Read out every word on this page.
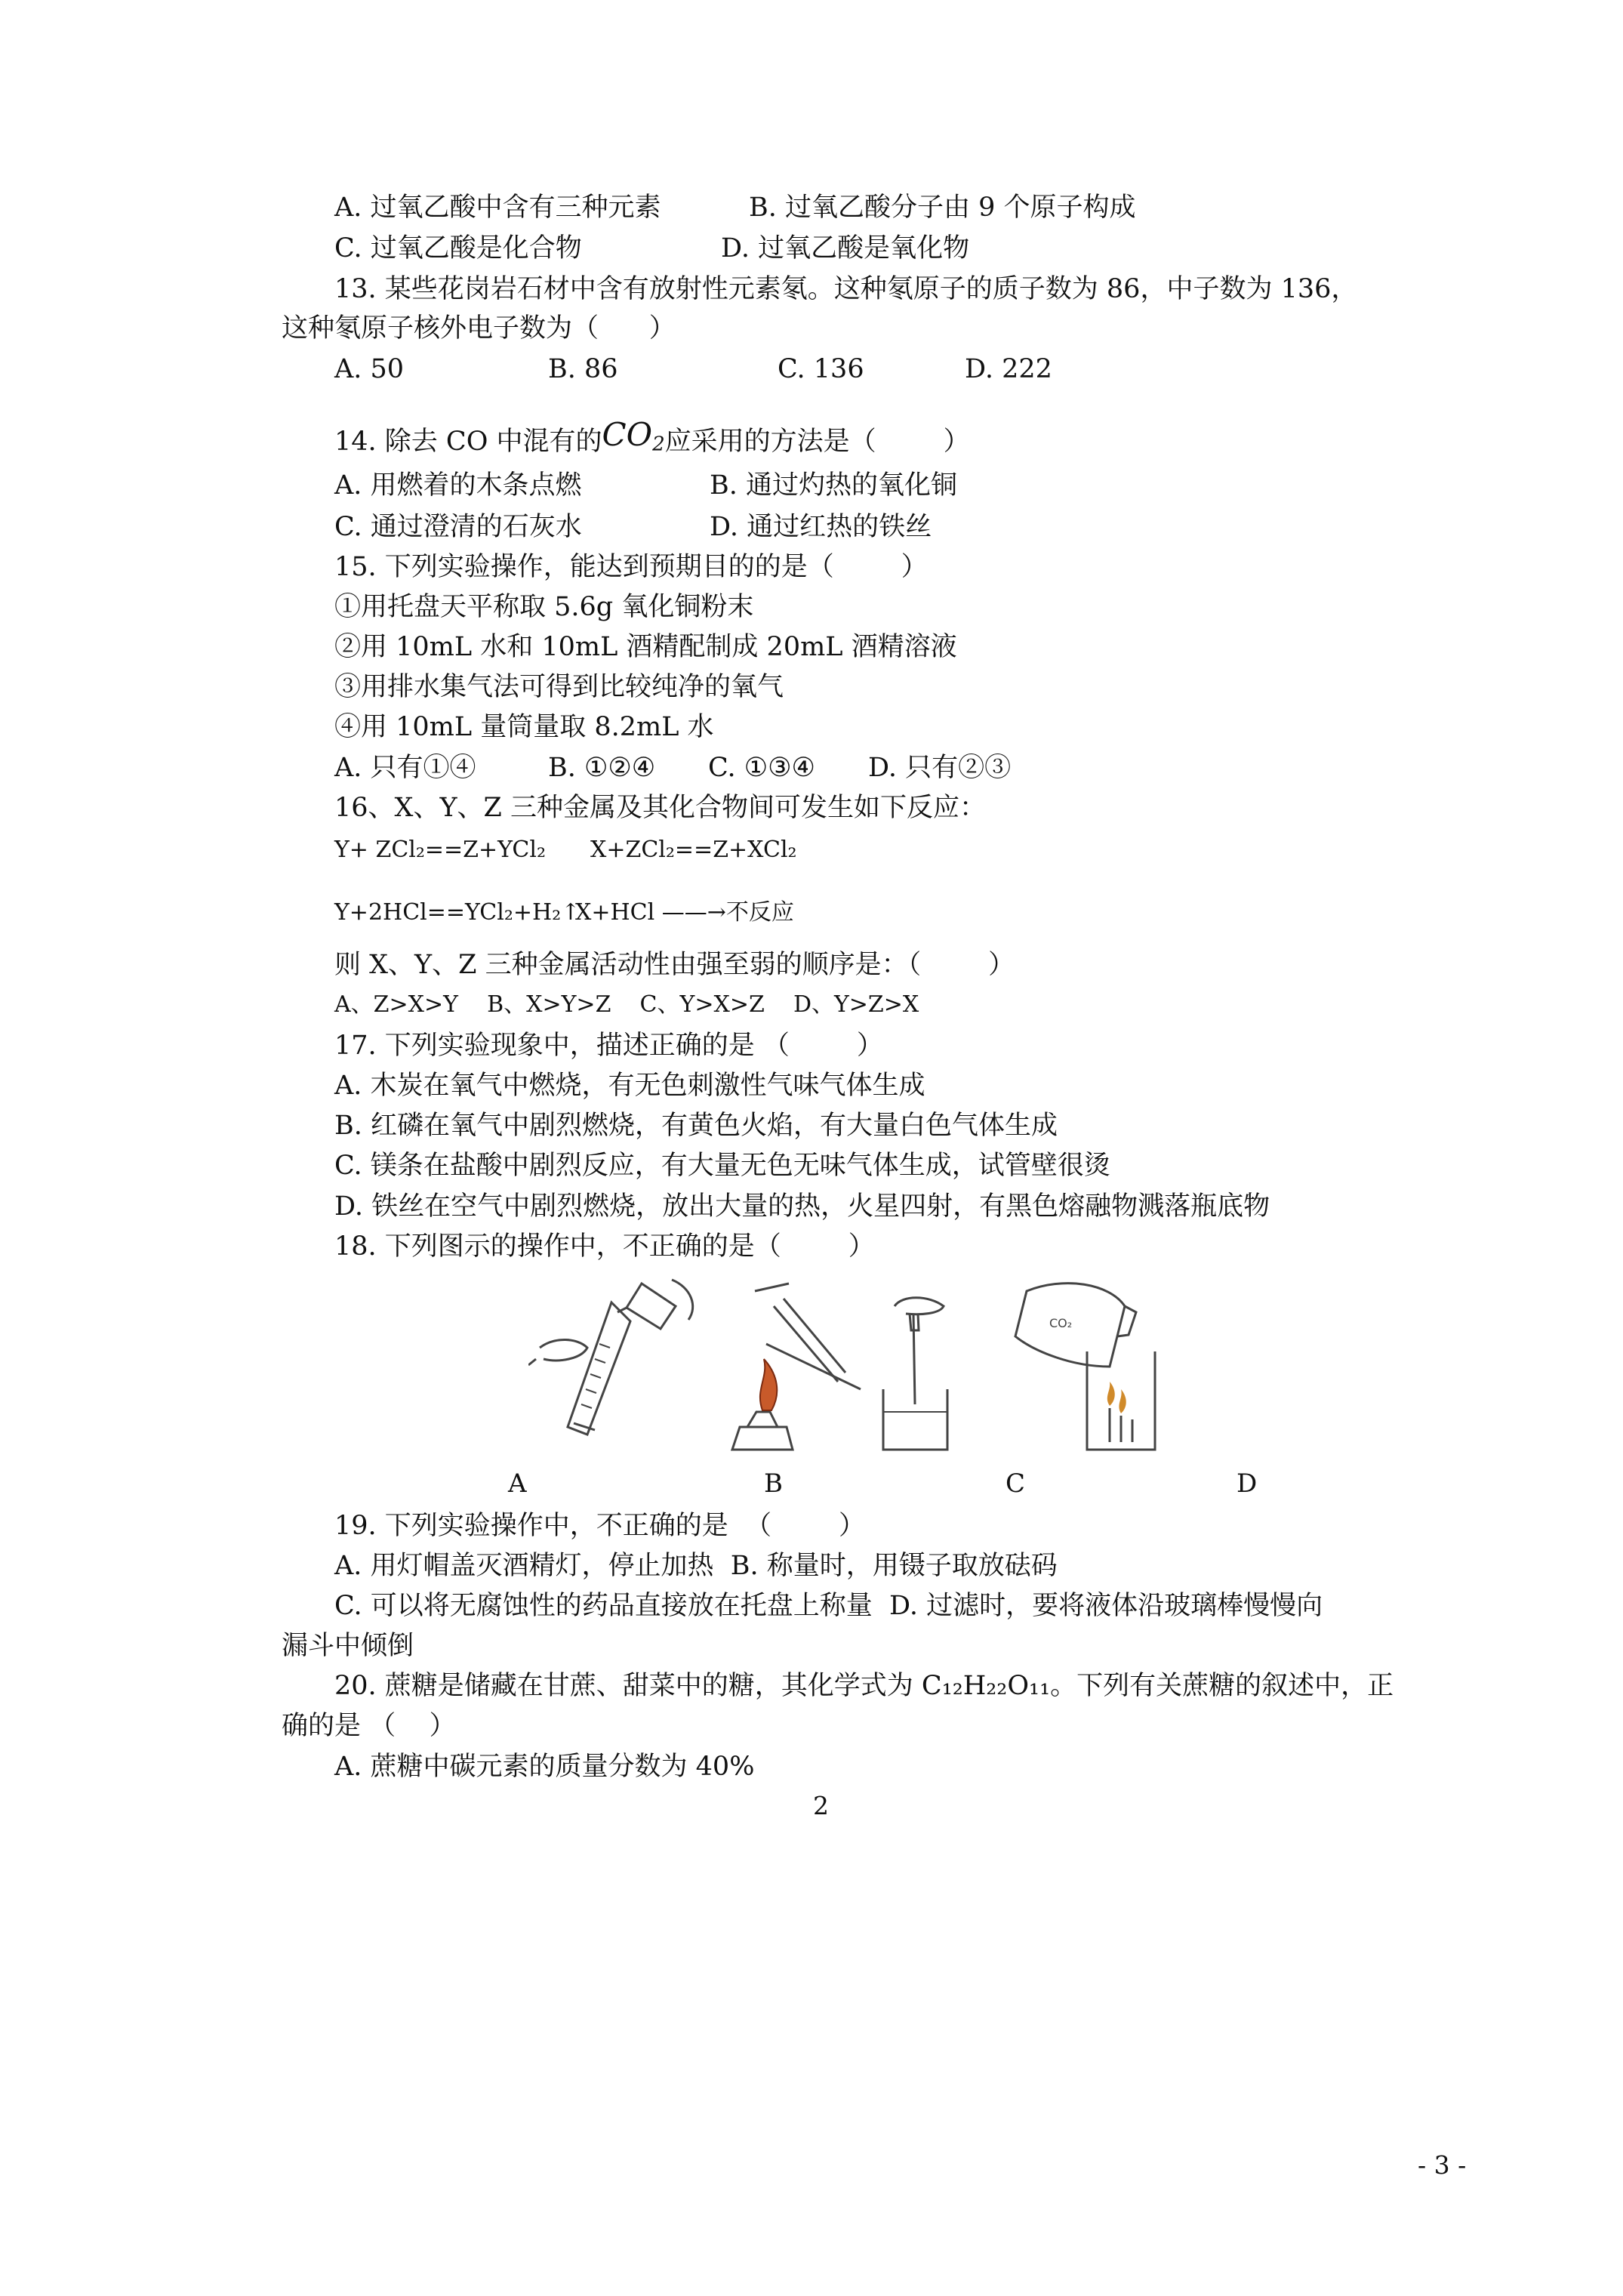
A. 过氧乙酸中含有三种元素	B. 过氧乙酸分子由 9 个原子构成
C. 过氧乙酸是化合物	D. 过氧乙酸是氧化物
13. 某些花岗岩石材中含有放射性元素氡。这种氡原子的质子数为 86，中子数为 136，
这种氡原子核外电子数为（      ）
A. 50	B. 86	C. 136	D. 222
14. 除去 CO 中混有的$CO_2$应采用的方法是（        ）
A. 用燃着的木条点燃	B. 通过灼热的氧化铜
C. 通过澄清的石灰水	D. 通过红热的铁丝
15. 下列实验操作，能达到预期目的的是（        ）
①用托盘天平称取 5.6g 氧化铜粉末
②用 10mL 水和 10mL 酒精配制成 20mL 酒精溶液
③用排水集气法可得到比较纯净的氧气
④用 10mL 量筒量取 8.2mL 水
A. 只有①④	B. ①②④ C. ①③④ D. 只有②③
16、X、Y、Z 三种金属及其化合物间可发生如下反应：
Y+ ZCl₂==Z+YCl₂ X+ZCl₂==Z+XCl₂
Y+2HCl==YCl₂+H₂↑
X+HCl ——→不反应
则 X、Y、Z 三种金属活动性由强至弱的顺序是：（        ）
A、Z>X>Y    B、X>Y>Z    C、Y>X>Z    D、Y>Z>X
17. 下列实验现象中，描述正确的是 （        ）
A. 木炭在氧气中燃烧，有无色刺激性气味气体生成
B. 红磷在氧气中剧烈燃烧，有黄色火焰，有大量白色气体生成
C. 镁条在盐酸中剧烈反应，有大量无色无味气体生成，试管壁很烫
D. 铁丝在空气中剧烈燃烧，放出大量的热，火星四射，有黑色熔融物溅落瓶底物
18. 下列图示的操作中，不正确的是（        ）
CO₂
A	B	C	D
19. 下列实验操作中，不正确的是  （        ）
A. 用灯帽盖灭酒精灯，停止加热  B. 称量时，用镊子取放砝码
C. 可以将无腐蚀性的药品直接放在托盘上称量  D. 过滤时，要将液体沿玻璃棒慢慢向
漏斗中倾倒
20. 蔗糖是储藏在甘蔗、甜菜中的糖，其化学式为 C₁₂H₂₂O₁₁。下列有关蔗糖的叙述中，正
确的是 （    ）
A. 蔗糖中碳元素的质量分数为 40%
2
- 3 -
